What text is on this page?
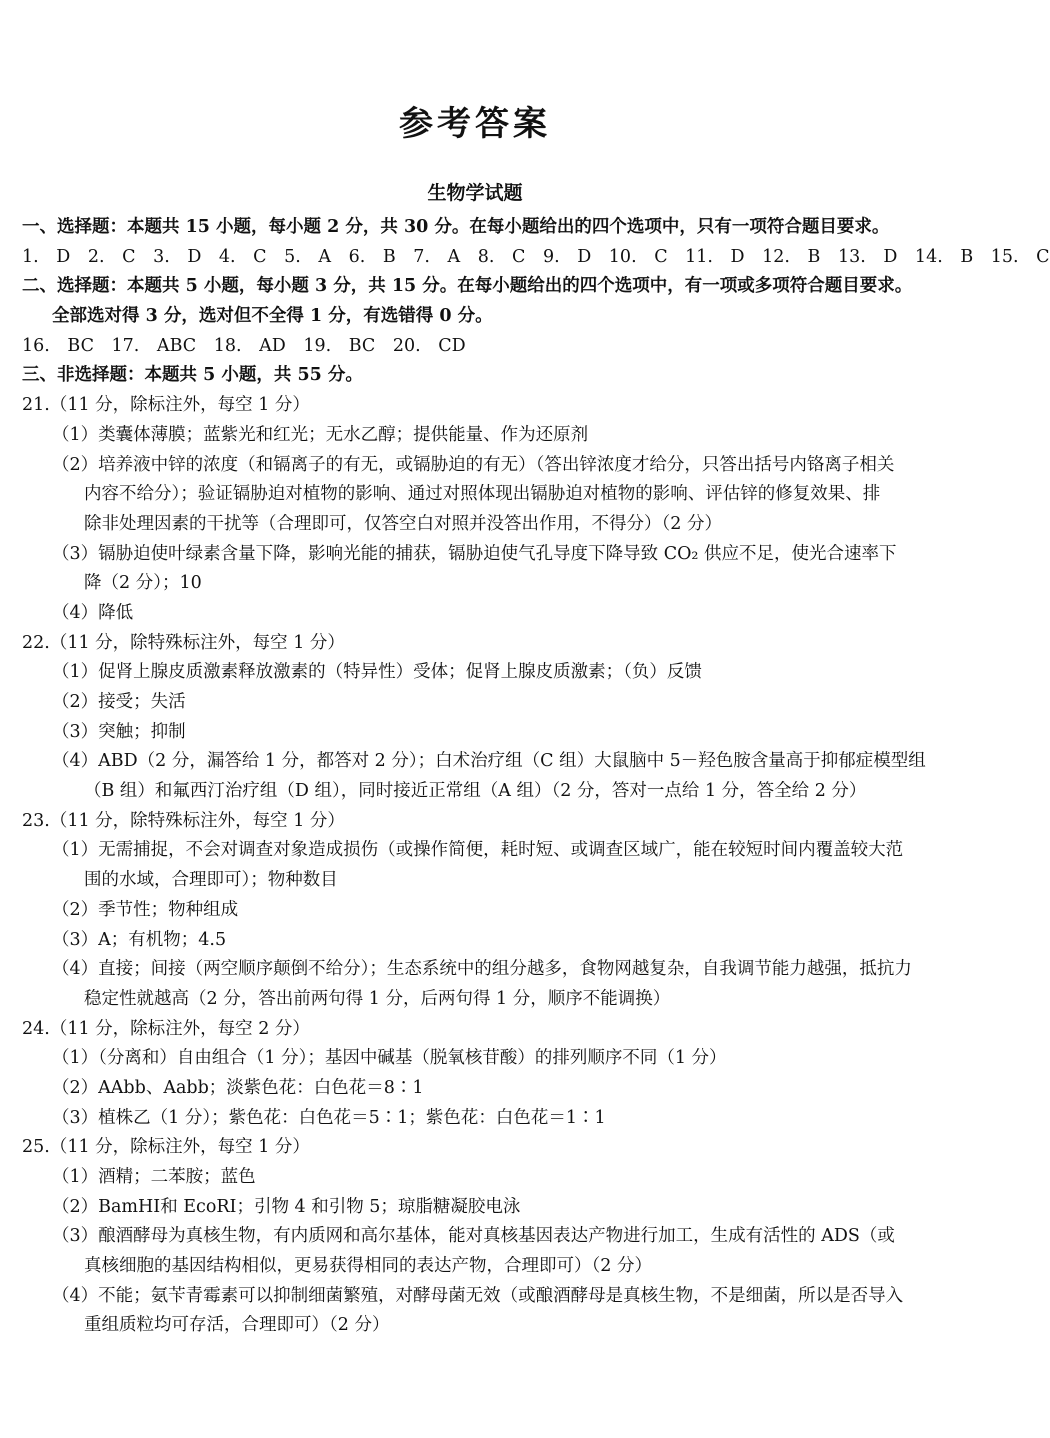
参考答案
生物学试题
一、选择题：本题共 15 小题，每小题 2 分，共 30 分。在每小题给出的四个选项中，只有一项符合题目要求。
1. D 2. C 3. D 4. C 5. A 6. B 7. A 8. C 9. D 10. C 11. D 12. B 13. D 14. B 15. C
二、选择题：本题共 5 小题，每小题 3 分，共 15 分。在每小题给出的四个选项中，有一项或多项符合题目要求。
全部选对得 3 分，选对但不全得 1 分，有选错得 0 分。
16. BC 17. ABC 18. AD 19. BC 20. CD
三、非选择题：本题共 5 小题，共 55 分。
21.（11 分，除标注外，每空 1 分）
（1）类囊体薄膜；蓝紫光和红光；无水乙醇；提供能量、作为还原剂
（2）培养液中锌的浓度（和镉离子的有无，或镉胁迫的有无）（答出锌浓度才给分，只答出括号内铬离子相关
内容不给分）；验证镉胁迫对植物的影响、通过对照体现出镉胁迫对植物的影响、评估锌的修复效果、排
除非处理因素的干扰等（合理即可，仅答空白对照并没答出作用，不得分）（2 分）
（3）镉胁迫使叶绿素含量下降，影响光能的捕获，镉胁迫使气孔导度下降导致 CO₂ 供应不足，使光合速率下
降（2 分）；10
（4）降低
22.（11 分，除特殊标注外，每空 1 分）
（1）促肾上腺皮质激素释放激素的（特异性）受体；促肾上腺皮质激素；（负）反馈
（2）接受；失活
（3）突触；抑制
（4）ABD（2 分，漏答给 1 分，都答对 2 分）；白术治疗组（C 组）大鼠脑中 5－羟色胺含量高于抑郁症模型组
（B 组）和氟西汀治疗组（D 组），同时接近正常组（A 组）（2 分，答对一点给 1 分，答全给 2 分）
23.（11 分，除特殊标注外，每空 1 分）
（1）无需捕捉，不会对调查对象造成损伤（或操作简便，耗时短、或调查区域广，能在较短时间内覆盖较大范
围的水域，合理即可）；物种数目
（2）季节性；物种组成
（3）A；有机物；4.5
（4）直接；间接（两空顺序颠倒不给分）；生态系统中的组分越多，食物网越复杂，自我调节能力越强，抵抗力
稳定性就越高（2 分，答出前两句得 1 分，后两句得 1 分，顺序不能调换）
24.（11 分，除标注外，每空 2 分）
（1）（分离和）自由组合（1 分）；基因中碱基（脱氧核苷酸）的排列顺序不同（1 分）
（2）AAbb、Aabb；淡紫色花：白色花＝8∶1
（3）植株乙（1 分）；紫色花：白色花＝5∶1；紫色花：白色花＝1∶1
25.（11 分，除标注外，每空 1 分）
（1）酒精；二苯胺；蓝色
（2）BamHⅠ和 EcoRⅠ；引物 4 和引物 5；琼脂糖凝胶电泳
（3）酿酒酵母为真核生物，有内质网和高尔基体，能对真核基因表达产物进行加工，生成有活性的 ADS（或
真核细胞的基因结构相似，更易获得相同的表达产物，合理即可）（2 分）
（4）不能；氨苄青霉素可以抑制细菌繁殖，对酵母菌无效（或酿酒酵母是真核生物，不是细菌，所以是否导入
重组质粒均可存活，合理即可）（2 分）
